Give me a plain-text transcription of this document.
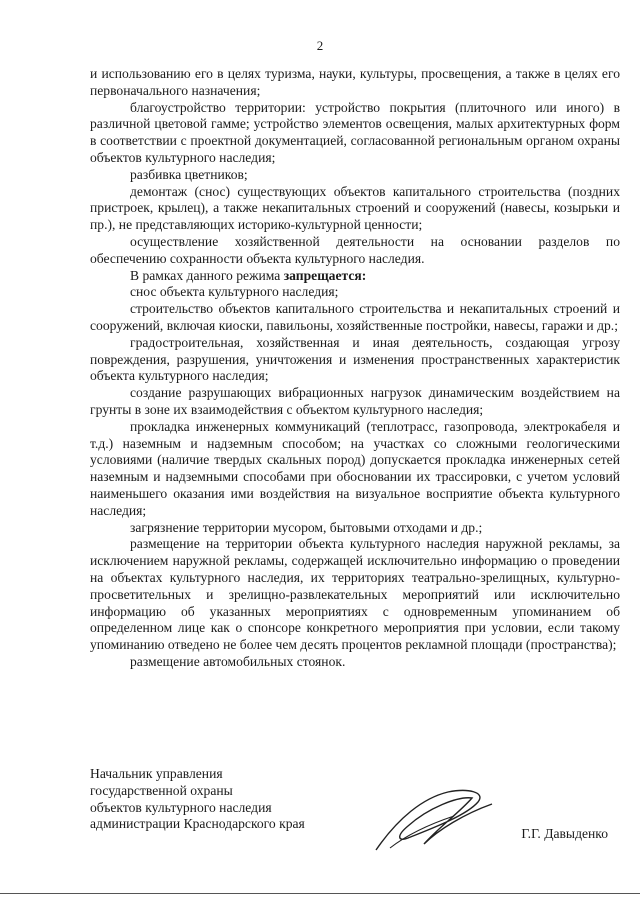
2

и использованию его в целях туризма, науки, культуры, просвещения, а также в целях его первоначального назначения;

благоустройство территории: устройство покрытия (плиточного или иного) в различной цветовой гамме; устройство элементов освещения, малых архитектурных форм в соответствии с проектной документацией, согласованной региональным органом охраны объектов культурного наследия;

разбивка цветников;

демонтаж (снос) существующих объектов капитального строительства (поздних пристроек, крылец), а также некапитальных строений и сооружений (навесы, козырьки и пр.), не представляющих историко-культурной ценности;

осуществление хозяйственной деятельности на основании разделов по обеспечению сохранности объекта культурного наследия.

В рамках данного режима запрещается:

снос объекта культурного наследия;

строительство объектов капитального строительства и некапитальных строений и сооружений, включая киоски, павильоны, хозяйственные постройки, навесы, гаражи и др.;

градостроительная, хозяйственная и иная деятельность, создающая угрозу повреждения, разрушения, уничтожения и изменения пространственных характеристик объекта культурного наследия;

создание разрушающих вибрационных нагрузок динамическим воздействием на грунты в зоне их взаимодействия с объектом культурного наследия;

прокладка инженерных коммуникаций (теплотрасс, газопровода, электрокабеля и т.д.) наземным и надземным способом; на участках со сложными геологическими условиями (наличие твердых скальных пород) допускается прокладка инженерных сетей наземным и надземными способами при обосновании их трассировки, с учетом условий наименьшего оказания ими воздействия на визуальное восприятие объекта культурного наследия;

загрязнение территории мусором, бытовыми отходами и др.;

размещение на территории объекта культурного наследия наружной рекламы, за исключением наружной рекламы, содержащей исключительно информацию о проведении на объектах культурного наследия, их территориях театрально-зрелищных, культурно-просветительных и зрелищно-развлекательных мероприятий или исключительно информацию об указанных мероприятиях с одновременным упоминанием об определенном лице как о спонсоре конкретного мероприятия при условии, если такому упоминанию отведено не более чем десять процентов рекламной площади (пространства);

размещение автомобильных стоянок.

Начальник управления
государственной охраны
объектов культурного наследия
администрации Краснодарского края
Г.Г. Давыденко
